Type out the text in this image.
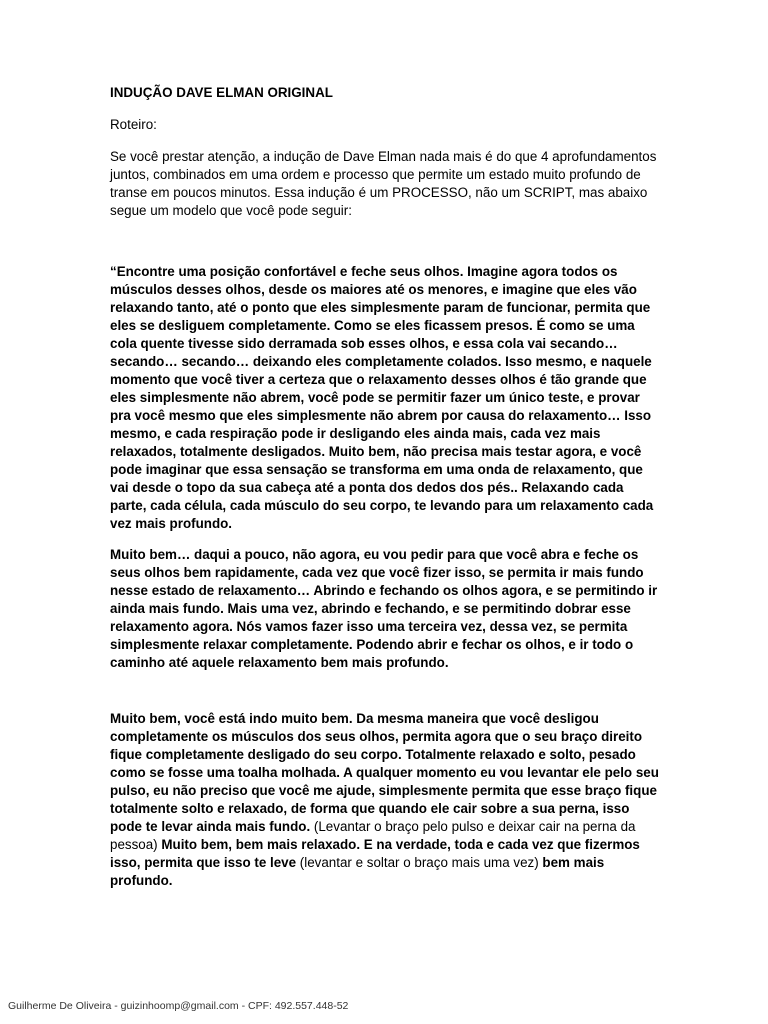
INDUÇÃO DAVE ELMAN ORIGINAL

Roteiro:

Se você prestar atenção, a indução de Dave Elman nada mais é do que 4 aprofundamentos juntos, combinados em uma ordem e processo que permite um estado muito profundo de transe em poucos minutos. Essa indução é um PROCESSO, não um SCRIPT, mas abaixo segue um modelo que você pode seguir:

“Encontre uma posição confortável e feche seus olhos. Imagine agora todos os músculos desses olhos, desde os maiores até os menores, e imagine que eles vão relaxando tanto, até o ponto que eles simplesmente param de funcionar, permita que eles se desliguem completamente. Como se eles ficassem presos. É como se uma cola quente tivesse sido derramada sob esses olhos, e essa cola vai secando… secando… secando… deixando eles completamente colados. Isso mesmo, e naquele momento que você tiver a certeza que o relaxamento desses olhos é tão grande que eles simplesmente não abrem, você pode se permitir fazer um único teste, e provar pra você mesmo que eles simplesmente não abrem por causa do relaxamento… Isso mesmo, e cada respiração pode ir desligando eles ainda mais, cada vez mais relaxados, totalmente desligados. Muito bem, não precisa mais testar agora, e você pode imaginar que essa sensação se transforma em uma onda de relaxamento, que vai desde o topo da sua cabeça até a ponta dos dedos dos pés.. Relaxando cada parte, cada célula, cada músculo do seu corpo, te levando para um relaxamento cada vez mais profundo.

Muito bem… daqui a pouco, não agora, eu vou pedir para que você abra e feche os seus olhos bem rapidamente, cada vez que você fizer isso, se permita ir mais fundo nesse estado de relaxamento… Abrindo e fechando os olhos agora, e se permitindo ir ainda mais fundo. Mais uma vez, abrindo e fechando, e se permitindo dobrar esse relaxamento agora. Nós vamos fazer isso uma terceira vez, dessa vez, se permita simplesmente relaxar completamente. Podendo abrir e fechar os olhos, e ir todo o caminho até aquele relaxamento bem mais profundo.

Muito bem, você está indo muito bem. Da mesma maneira que você desligou completamente os músculos dos seus olhos, permita agora que o seu braço direito fique completamente desligado do seu corpo. Totalmente relaxado e solto, pesado como se fosse uma toalha molhada. A qualquer momento eu vou levantar ele pelo seu pulso, eu não preciso que você me ajude, simplesmente permita que esse braço fique totalmente solto e relaxado, de forma que quando ele cair sobre a sua perna, isso pode te levar ainda mais fundo. (Levantar o braço pelo pulso e deixar cair na perna da pessoa) Muito bem, bem mais relaxado. E na verdade, toda e cada vez que fizermos isso, permita que isso te leve (levantar e soltar o braço mais uma vez) bem mais profundo.

Guilherme De Oliveira - guizinhoomp@gmail.com - CPF: 492.557.448-52
